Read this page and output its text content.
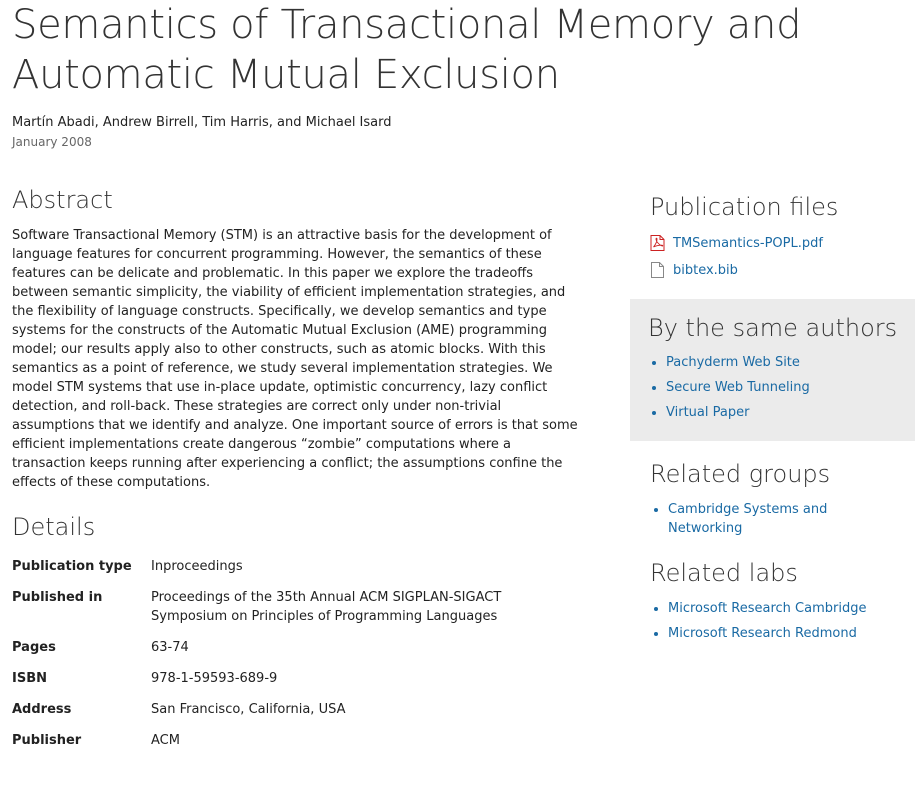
Semantics of Transactional Memory and Automatic Mutual Exclusion
Martín Abadi, Andrew Birrell, Tim Harris, and Michael Isard
January 2008
Abstract

Software Transactional Memory (STM) is an attractive basis for the development of language features for concurrent programming. However, the semantics of these features can be delicate and problematic. In this paper we explore the tradeoffs between semantic simplicity, the viability of efficient implementation strategies, and the flexibility of language constructs. Specifically, we develop semantics and type systems for the constructs of the Automatic Mutual Exclusion (AME) programming model; our results apply also to other constructs, such as atomic blocks. With this semantics as a point of reference, we study several implementation strategies. We model STM systems that use in-place update, optimistic concurrency, lazy conflict detection, and roll-back. These strategies are correct only under non-trivial assumptions that we identify and analyze. One important source of errors is that some efficient implementations create dangerous “zombie” computations where a transaction keeps running after experiencing a conflict; the assumptions confine the effects of these computations.

Details
Publication type	Inproceedings
Published in	Proceedings of the 35th Annual ACM SIGPLAN-SIGACT Symposium on Principles of Programming Languages
Pages	63-74
ISBN	978-1-59593-689-9
Address	San Francisco, California, USA
Publisher	ACM
Publication files
TMSemantics-POPL.pdf
bibtex.bib
By the same authors
• Pachyderm Web Site
• Secure Web Tunneling
• Virtual Paper
Related groups
• Cambridge Systems and Networking
Related labs
• Microsoft Research Cambridge
• Microsoft Research Redmond
